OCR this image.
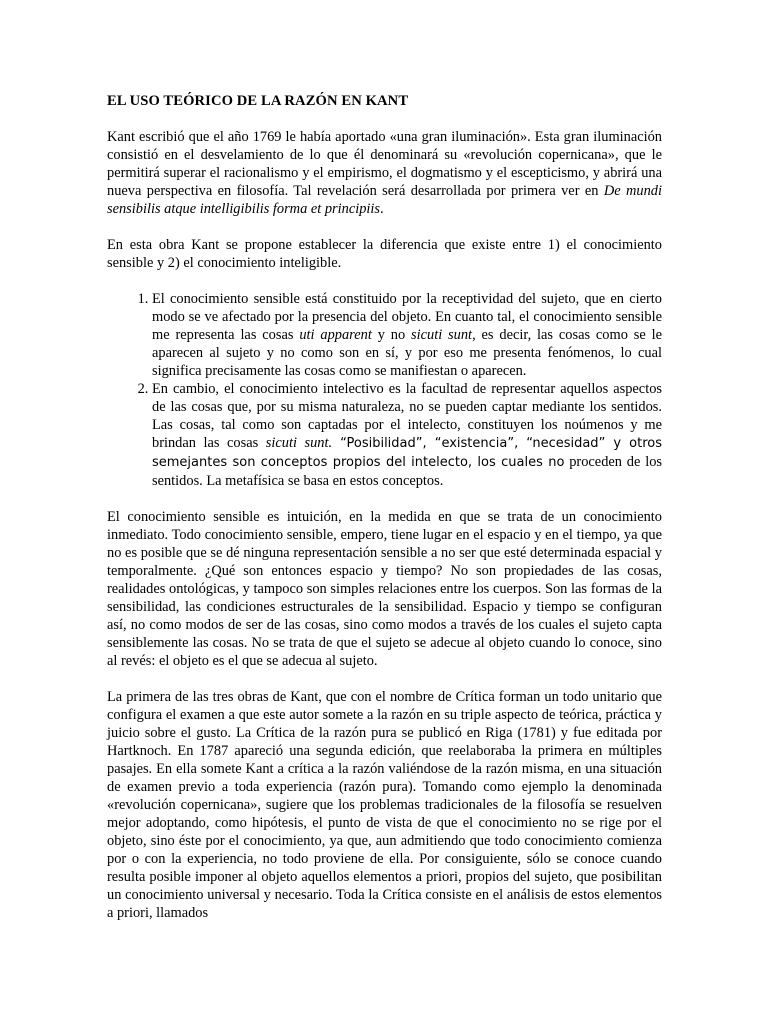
EL USO TEÓRICO DE LA RAZÓN EN KANT

Kant escribió que el año 1769 le había aportado «una gran iluminación». Esta gran iluminación consistió en el desvelamiento de lo que él denominará su «revolución copernicana», que le permitirá superar el racionalismo y el empirismo, el dogmatismo y el escepticismo, y abrirá una nueva perspectiva en filosofía. Tal revelación será desarrollada por primera ver en De mundi sensibilis atque intelligibilis forma et principiis.

En esta obra Kant se propone establecer la diferencia que existe entre 1) el conocimiento sensible y 2) el conocimiento inteligible.

1. El conocimiento sensible está constituido por la receptividad del sujeto, que en cierto modo se ve afectado por la presencia del objeto. En cuanto tal, el conocimiento sensible me representa las cosas uti apparent y no sicuti sunt, es decir, las cosas como se le aparecen al sujeto y no como son en sí, y por eso me presenta fenómenos, lo cual significa precisamente las cosas como se manifiestan o aparecen.
2. En cambio, el conocimiento intelectivo es la facultad de representar aquellos aspectos de las cosas que, por su misma naturaleza, no se pueden captar mediante los sentidos. Las cosas, tal como son captadas por el intelecto, constituyen los noúmenos y me brindan las cosas sicuti sunt. “Posibilidad”, “existencia”, “necesidad” y otros semejantes son conceptos propios del intelecto, los cuales no proceden de los sentidos. La metafísica se basa en estos conceptos.

El conocimiento sensible es intuición, en la medida en que se trata de un conocimiento inmediato. Todo conocimiento sensible, empero, tiene lugar en el espacio y en el tiempo, ya que no es posible que se dé ninguna representación sensible a no ser que esté determinada espacial y temporalmente. ¿Qué son entonces espacio y tiempo? No son propiedades de las cosas, realidades ontológicas, y tampoco son simples relaciones entre los cuerpos. Son las formas de la sensibilidad, las condiciones estructurales de la sensibilidad. Espacio y tiempo se configuran así, no como modos de ser de las cosas, sino como modos a través de los cuales el sujeto capta sensiblemente las cosas. No se trata de que el sujeto se adecue al objeto cuando lo conoce, sino al revés: el objeto es el que se adecua al sujeto.

La primera de las tres obras de Kant, que con el nombre de Crítica forman un todo unitario que configura el examen a que este autor somete a la razón en su triple aspecto de teórica, práctica y juicio sobre el gusto. La Crítica de la razón pura se publicó en Riga (1781) y fue editada por Hartknoch. En 1787 apareció una segunda edición, que reelaboraba la primera en múltiples pasajes. En ella somete Kant a crítica a la razón valiéndose de la razón misma, en una situación de examen previo a toda experiencia (razón pura). Tomando como ejemplo la denominada «revolución copernicana», sugiere que los problemas tradicionales de la filosofía se resuelven mejor adoptando, como hipótesis, el punto de vista de que el conocimiento no se rige por el objeto, sino éste por el conocimiento, ya que, aun admitiendo que todo conocimiento comienza por o con la experiencia, no todo proviene de ella. Por consiguiente, sólo se conoce cuando resulta posible imponer al objeto aquellos elementos a priori, propios del sujeto, que posibilitan un conocimiento universal y necesario. Toda la Crítica consiste en el análisis de estos elementos a priori, llamados
